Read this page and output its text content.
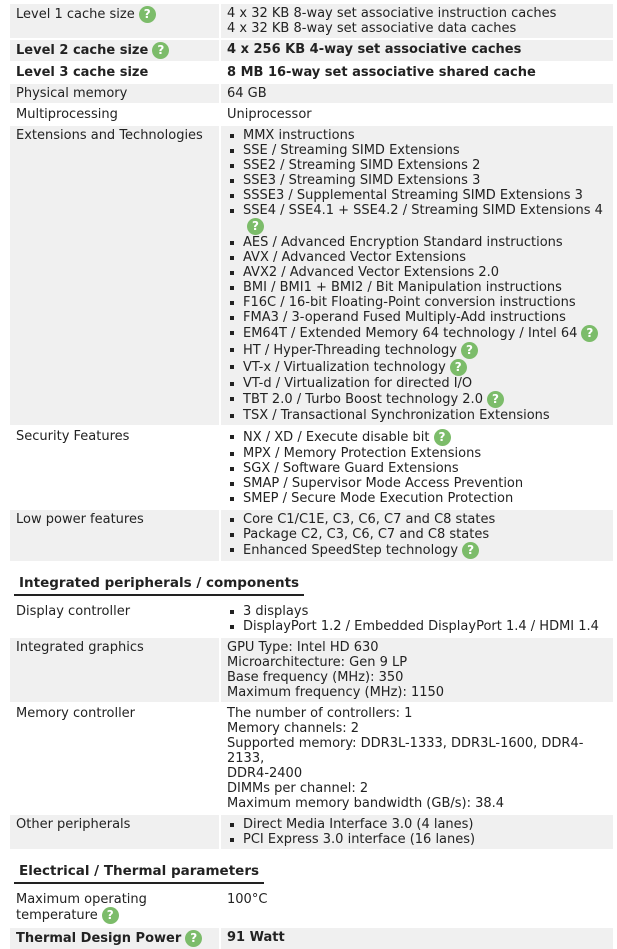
Level 1 cache size ?	4 x 32 KB 8-way set associative instruction caches
4 x 32 KB 8-way set associative data caches
Level 2 cache size ?	4 x 256 KB 4-way set associative caches
Level 3 cache size	8 MB 16-way set associative shared cache
Physical memory	64 GB
Multiprocessing	Uniprocessor
Extensions and Technologies	MMX instructions
SSE / Streaming SIMD Extensions
SSE2 / Streaming SIMD Extensions 2
SSE3 / Streaming SIMD Extensions 3
SSSE3 / Supplemental Streaming SIMD Extensions 3
SSE4 / SSE4.1 + SSE4.2 / Streaming SIMD Extensions 4?
AES / Advanced Encryption Standard instructions
AVX / Advanced Vector Extensions
AVX2 / Advanced Vector Extensions 2.0
BMI / BMI1 + BMI2 / Bit Manipulation instructions
F16C / 16-bit Floating-Point conversion instructions
FMA3 / 3-operand Fused Multiply-Add instructions
EM64T / Extended Memory 64 technology / Intel 64 ?
HT / Hyper-Threading technology ?
VT-x / Virtualization technology ?
VT-d / Virtualization for directed I/O
TBT 2.0 / Turbo Boost technology 2.0 ?
TSX / Transactional Synchronization Extensions
Security Features	NX / XD / Execute disable bit ?
MPX / Memory Protection Extensions
SGX / Software Guard Extensions
SMAP / Supervisor Mode Access Prevention
SMEP / Secure Mode Execution Protection
Low power features	Core C1/C1E, C3, C6, C7 and C8 states
Package C2, C3, C6, C7 and C8 states
Enhanced SpeedStep technology ?
Integrated peripherals / components
Display controller	3 displays
DisplayPort 1.2 / Embedded DisplayPort 1.4 / HDMI 1.4
Integrated graphics	GPU Type: Intel HD 630
Microarchitecture: Gen 9 LP
Base frequency (MHz): 350
Maximum frequency (MHz): 1150
Memory controller	The number of controllers: 1
Memory channels: 2
Supported memory: DDR3L-1333, DDR3L-1600, DDR4-2133,
DDR4-2400
DIMMs per channel: 2
Maximum memory bandwidth (GB/s): 38.4
Other peripherals	Direct Media Interface 3.0 (4 lanes)
PCI Express 3.0 interface (16 lanes)
Electrical / Thermal parameters
Maximum operating temperature ?
100°C
Thermal Design Power ?	91 Watt
